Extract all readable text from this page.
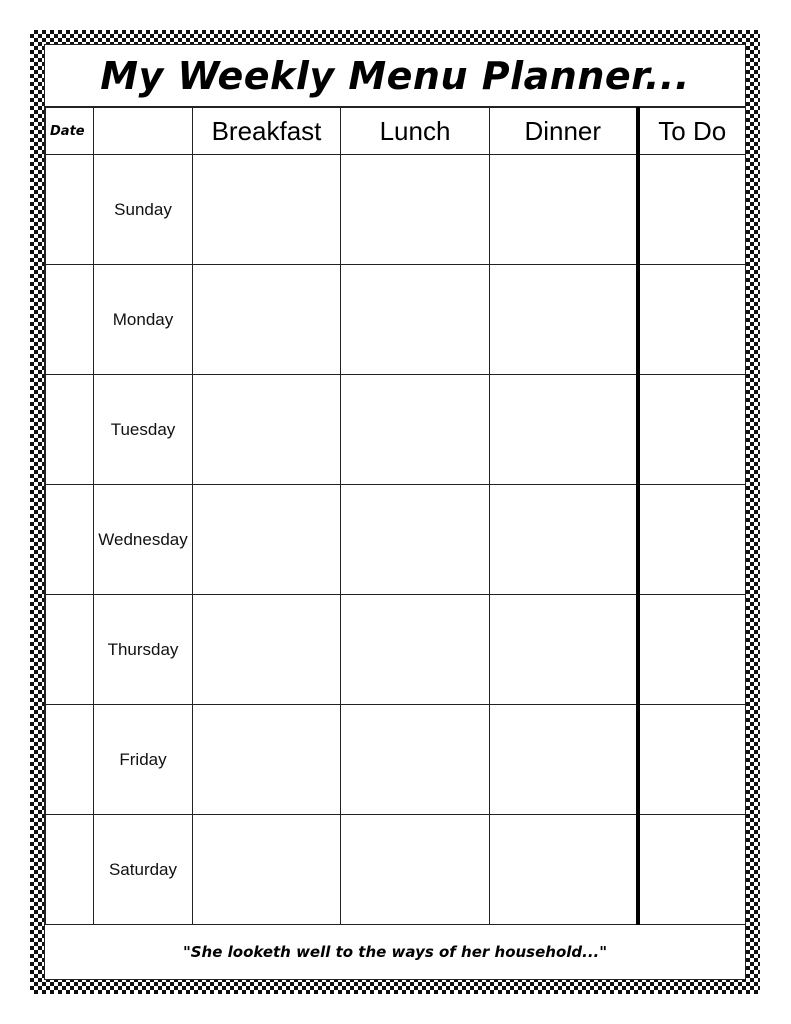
My Weekly Menu Planner...
Date		Breakfast	Lunch	Dinner	To Do
	Sunday				
	Monday				
	Tuesday				
	Wednesday				
	Thursday				
	Friday				
	Saturday				
"She looketh well to the ways of her household..."
